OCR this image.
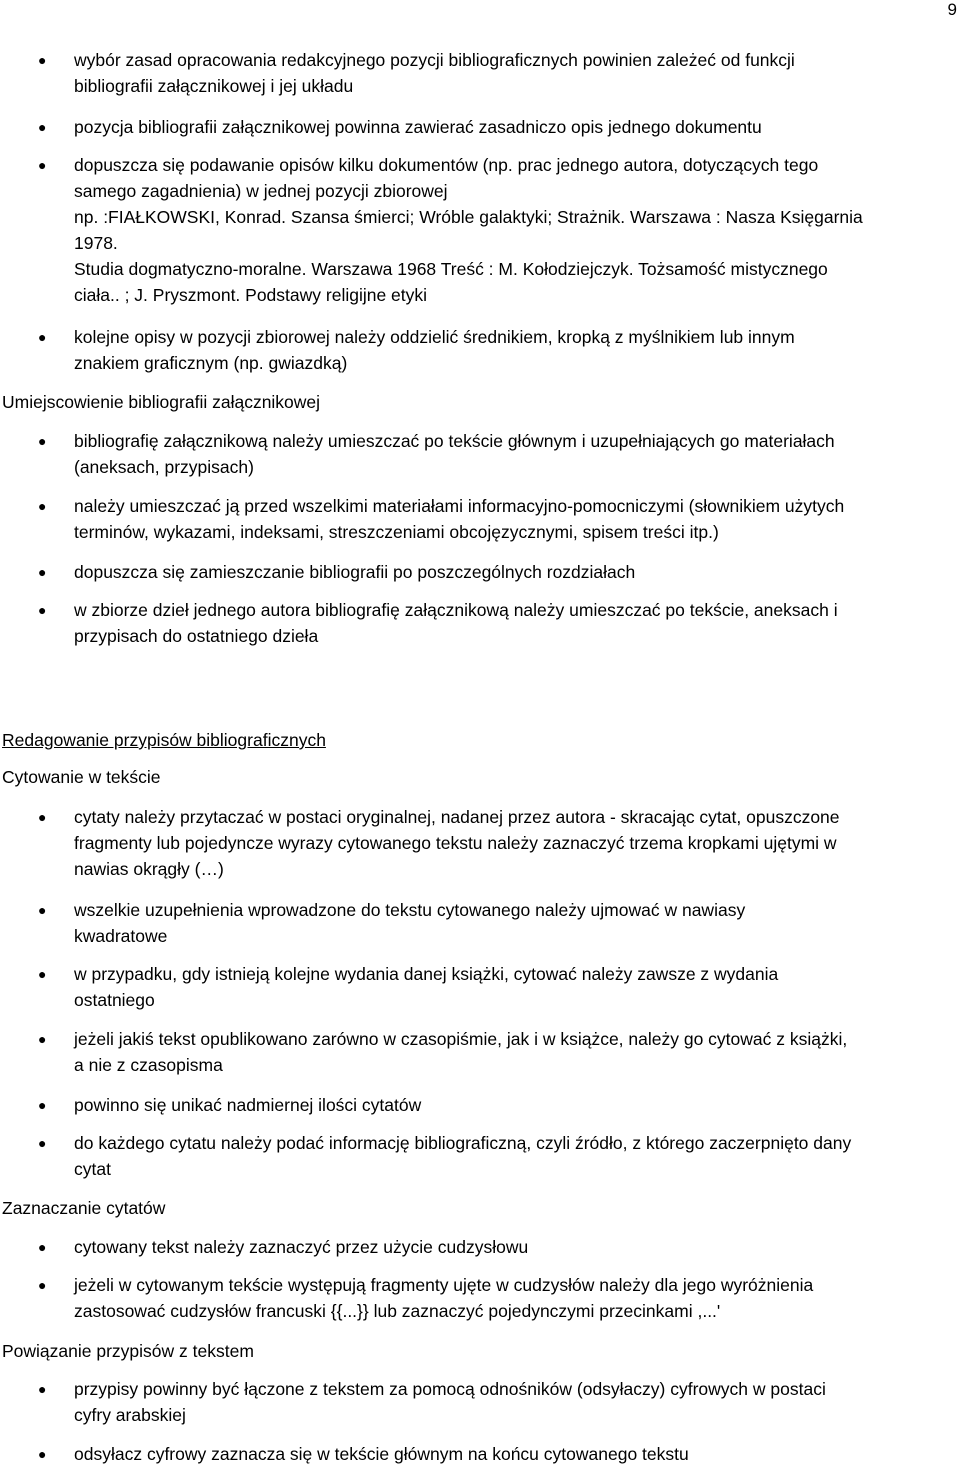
9
● wybór zasad opracowania redakcyjnego pozycji bibliograficznych powinien zależeć od funkcji
bibliografii załącznikowej i jej układu
● pozycja bibliografii załącznikowej powinna zawierać zasadniczo opis jednego dokumentu
● dopuszcza się podawanie opisów kilku dokumentów (np. prac jednego autora, dotyczących tego
samego zagadnienia) w jednej pozycji zbiorowej
np. :FIAŁKOWSKI, Konrad. Szansa śmierci; Wróble galaktyki; Strażnik. Warszawa : Nasza Księgarnia
1978.
Studia dogmatyczno-moralne. Warszawa 1968 Treść : M. Kołodziejczyk. Tożsamość mistycznego
ciała.. ; J. Pryszmont. Podstawy religijne etyki
● kolejne opisy w pozycji zbiorowej należy oddzielić średnikiem, kropką z myślnikiem lub innym
znakiem graficznym (np. gwiazdką)
Umiejscowienie bibliografii załącznikowej
● bibliografię załącznikową należy umieszczać po tekście głównym i uzupełniających go materiałach
(aneksach, przypisach)
● należy umieszczać ją przed wszelkimi materiałami informacyjno-pomocniczymi (słownikiem użytych
terminów, wykazami, indeksami, streszczeniami obcojęzycznymi, spisem treści itp.)
● dopuszcza się zamieszczanie bibliografii po poszczególnych rozdziałach
● w zbiorze dzieł jednego autora bibliografię załącznikową należy umieszczać po tekście, aneksach i
przypisach do ostatniego dzieła
Redagowanie przypisów bibliograficznych
Cytowanie w tekście
● cytaty należy przytaczać w postaci oryginalnej, nadanej przez autora - skracając cytat, opuszczone
fragmenty lub pojedyncze wyrazy cytowanego tekstu należy zaznaczyć trzema kropkami ujętymi w
nawias okrągły (…)
● wszelkie uzupełnienia wprowadzone do tekstu cytowanego należy ujmować w nawiasy
kwadratowe
● w przypadku, gdy istnieją kolejne wydania danej książki, cytować należy zawsze z wydania
ostatniego
● jeżeli jakiś tekst opublikowano zarówno w czasopiśmie, jak i w książce, należy go cytować z książki,
a nie z czasopisma
● powinno się unikać nadmiernej ilości cytatów
● do każdego cytatu należy podać informację bibliograficzną, czyli źródło, z którego zaczerpnięto dany
cytat
Zaznaczanie cytatów
● cytowany tekst należy zaznaczyć przez użycie cudzysłowu
● jeżeli w cytowanym tekście występują fragmenty ujęte w cudzysłów należy dla jego wyróżnienia
zastosować cudzysłów francuski {{...}} lub zaznaczyć pojedynczymi przecinkami ,...'
Powiązanie przypisów z tekstem
● przypisy powinny być łączone z tekstem za pomocą odnośników (odsyłaczy) cyfrowych w postaci
cyfry arabskiej
● odsyłacz cyfrowy zaznacza się w tekście głównym na końcu cytowanego tekstu
